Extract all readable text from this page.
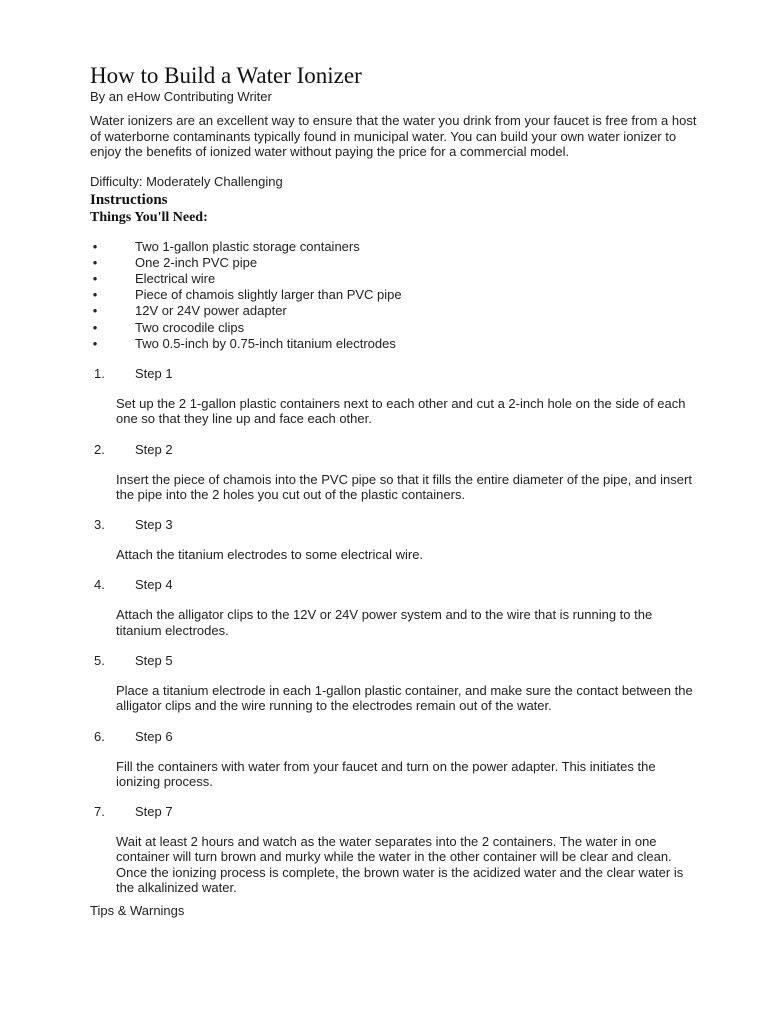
How to Build a Water Ionizer

By an eHow Contributing Writer

Water ionizers are an excellent way to ensure that the water you drink from your faucet is free from a host of waterborne contaminants typically found in municipal water. You can build your own water ionizer to enjoy the benefits of ionized water without paying the price for a commercial model.

Difficulty: Moderately Challenging

Instructions
Things You'll Need:
•	Two 1-gallon plastic storage containers
•	One 2-inch PVC pipe
•	Electrical wire
•	Piece of chamois slightly larger than PVC pipe
•	12V or 24V power adapter
•	Two crocodile clips
•	Two 0.5-inch by 0.75-inch titanium electrodes
1. Step 1

Set up the 2 1-gallon plastic containers next to each other and cut a 2-inch hole on the side of each one so that they line up and face each other.

2. Step 2

Insert the piece of chamois into the PVC pipe so that it fills the entire diameter of the pipe, and insert the pipe into the 2 holes you cut out of the plastic containers.

3. Step 3

Attach the titanium electrodes to some electrical wire.

4. Step 4

Attach the alligator clips to the 12V or 24V power system and to the wire that is running to the titanium electrodes.

5. Step 5

Place a titanium electrode in each 1-gallon plastic container, and make sure the contact between the alligator clips and the wire running to the electrodes remain out of the water.

6. Step 6

Fill the containers with water from your faucet and turn on the power adapter. This initiates the ionizing process.

7. Step 7

Wait at least 2 hours and watch as the water separates into the 2 containers. The water in one container will turn brown and murky while the water in the other container will be clear and clean. Once the ionizing process is complete, the brown water is the acidized water and the clear water is the alkalinized water.

Tips & Warnings
